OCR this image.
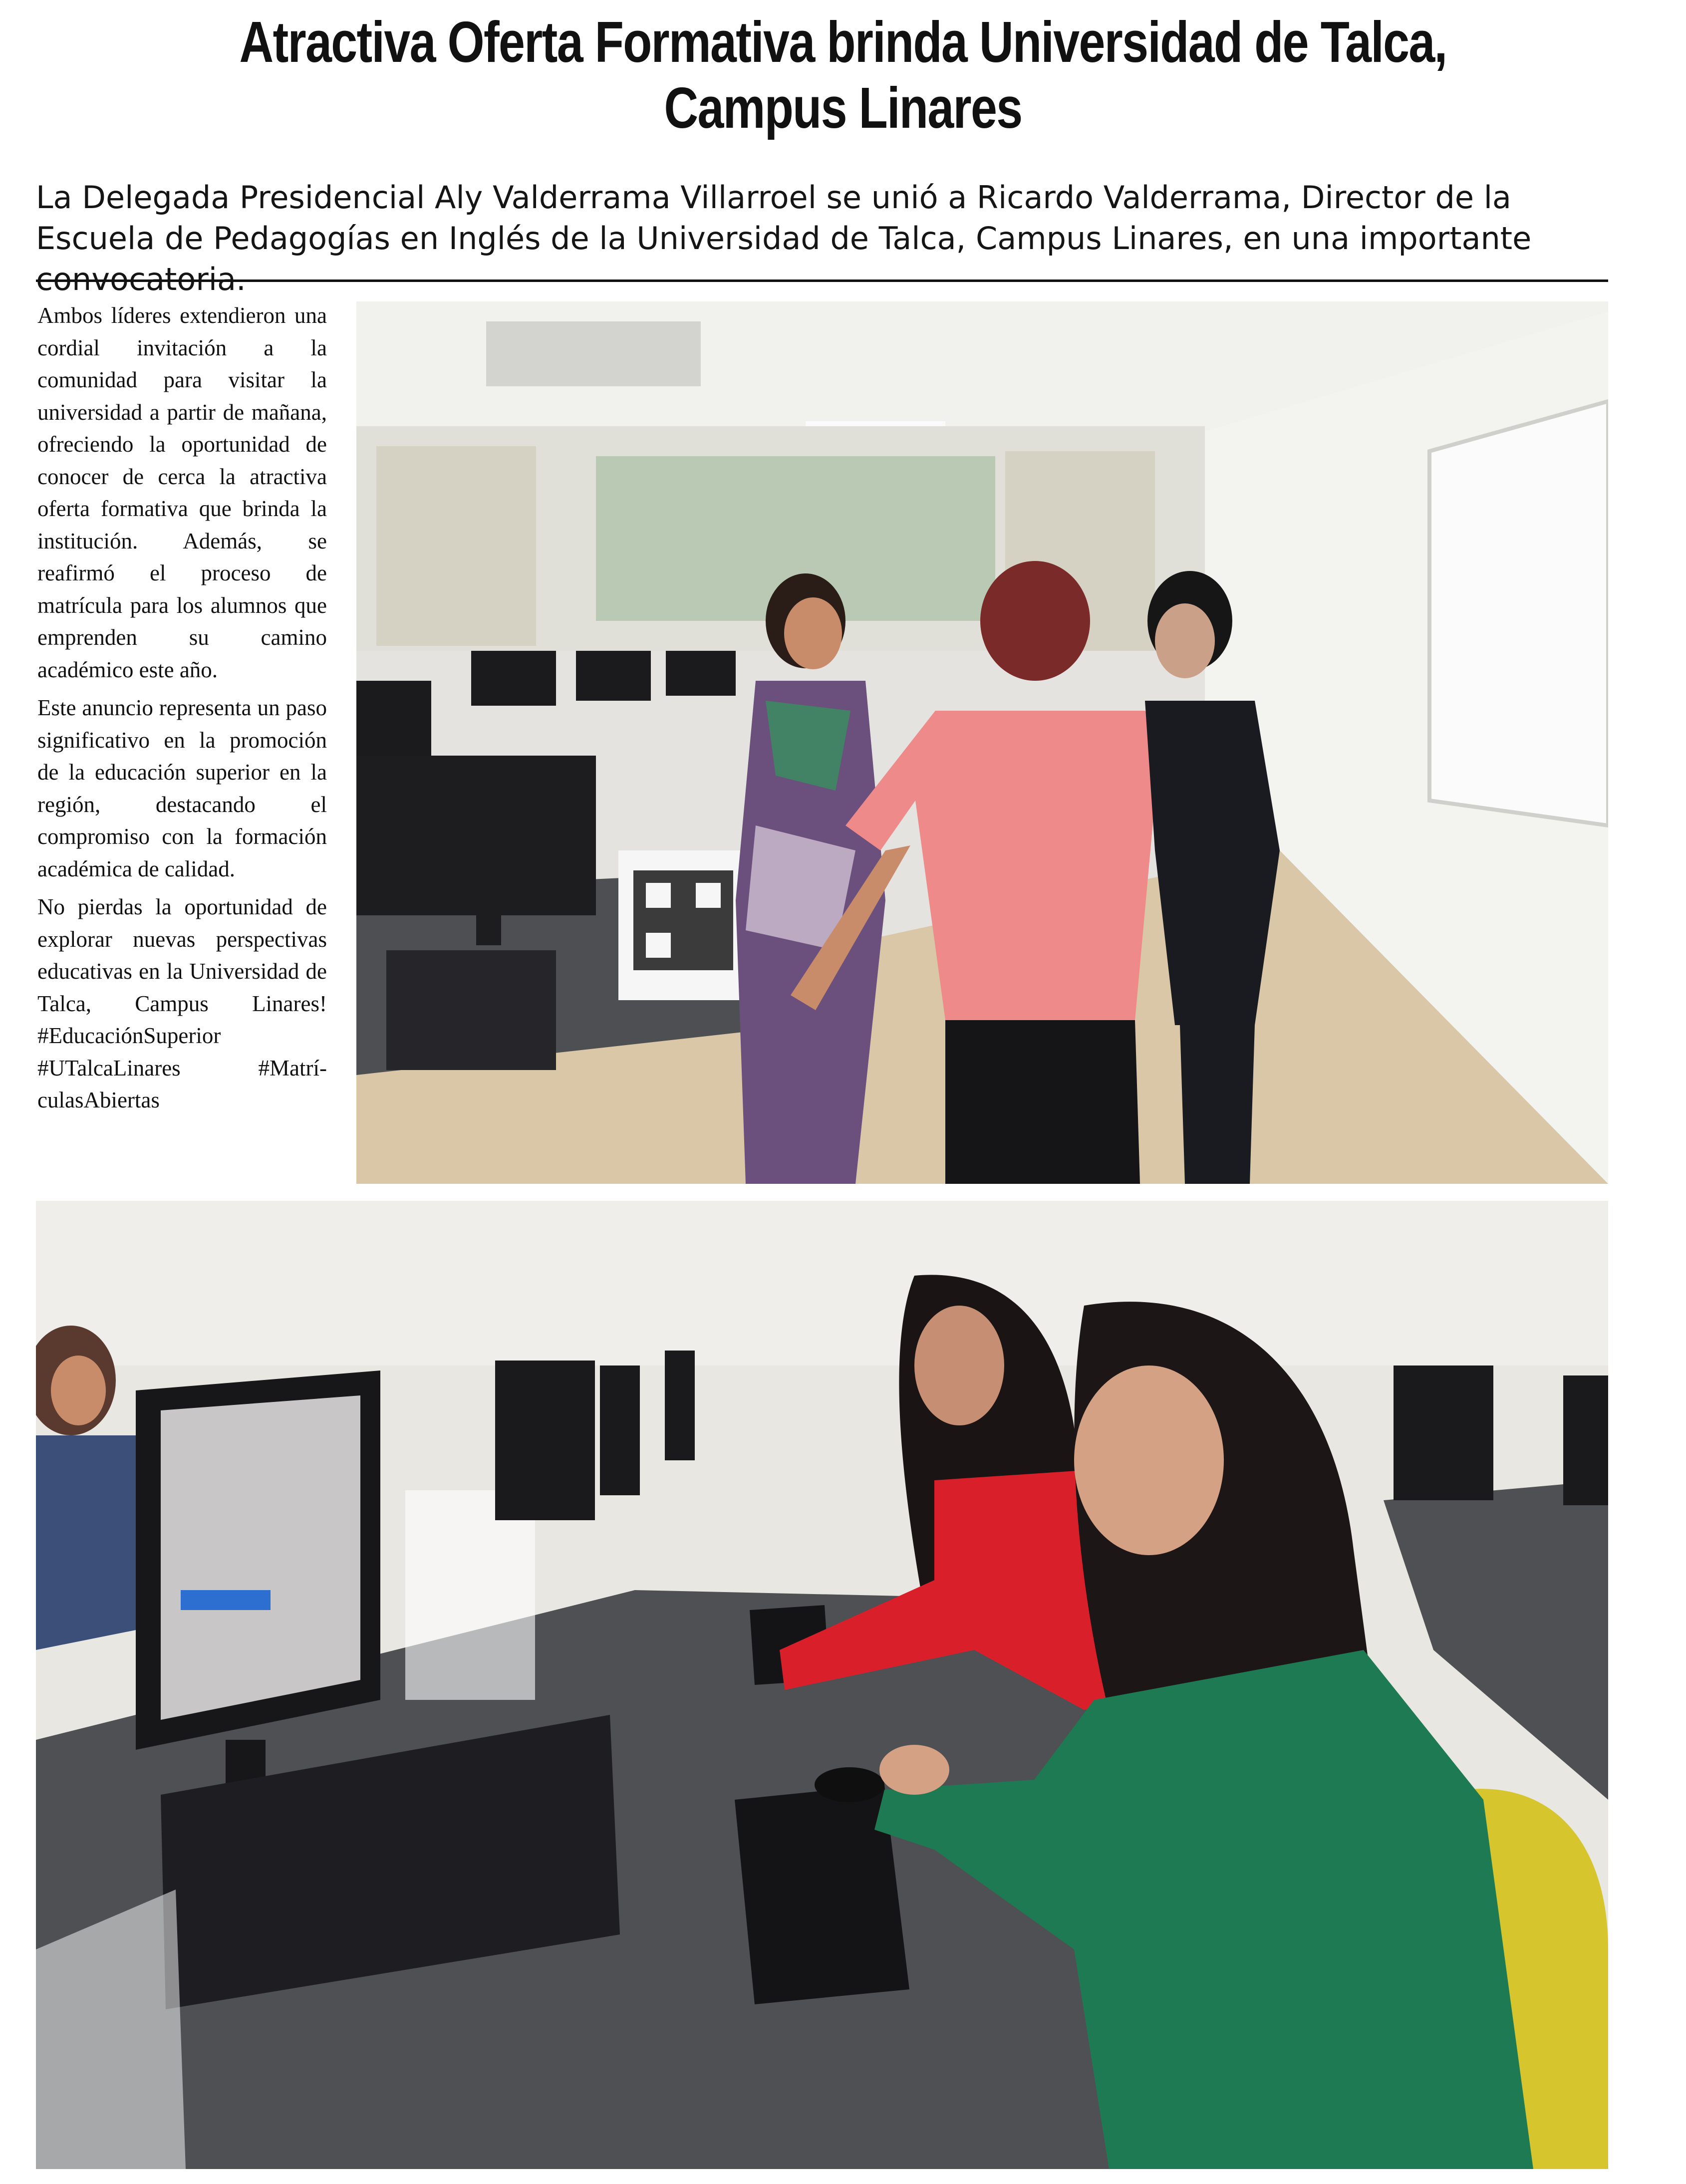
Atractiva Oferta Formativa brinda Universidad de Talca,
Campus Linares

La Delegada Presidencial Aly Valderrama Villarroel se unió a Ricardo Valderrama, Director de la Escuela de Pedagogías en Inglés de la Universidad de Talca, Campus Linares, en una importante convocatoria.

Ambos líderes extendieron una cordial invitación a la comunidad para visitar la universidad a partir de mañana, ofreciendo la oportunidad de conocer de cerca la atractiva oferta formativa que brinda la institución. Además, se reafirmó el proceso de matrícula para los alumnos que emprenden su camino académico este año.

Este anuncio representa un paso significativo en la promoción de la educación superior en la región, destacando el compromiso con la formación académica de calidad.

No pierdas la oportunidad de explorar nuevas perspectivas educativas en la Universidad de Talca, Campus Linares! #EducaciónSuperior #UTalcaLinares #MatrículasAbiertas
